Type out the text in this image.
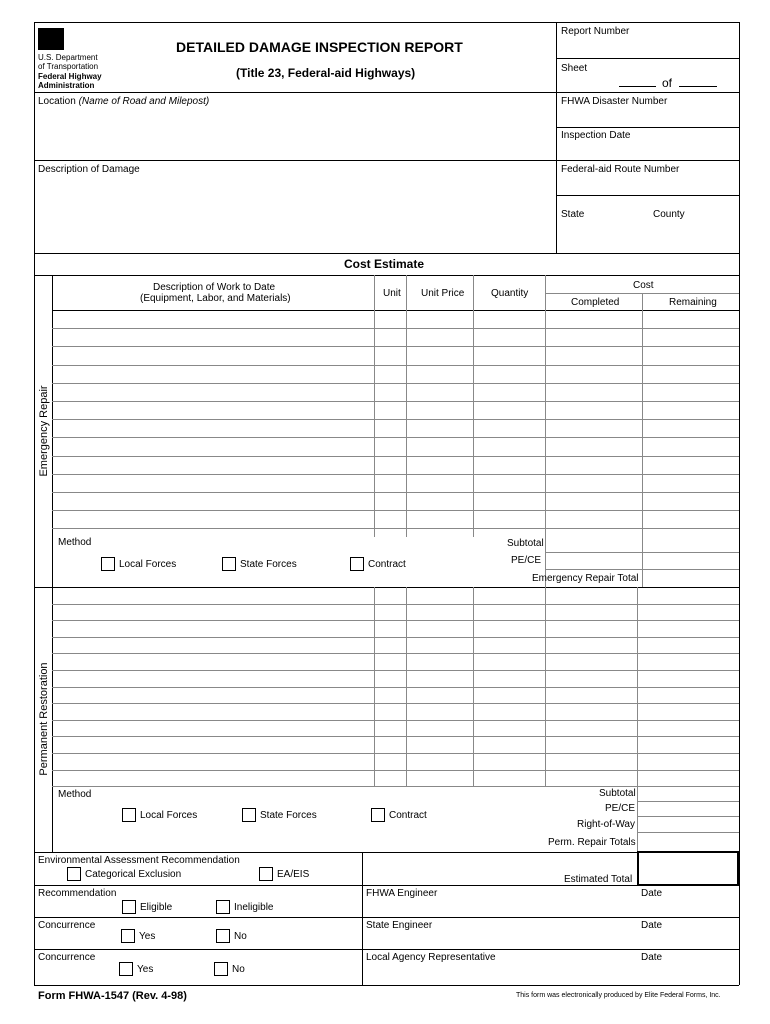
U.S. Department
of Transportation
Federal Highway
Administration
DETAILED DAMAGE INSPECTION REPORT
(Title 23, Federal-aid Highways)
Report Number
Sheet
of
FHWA Disaster Number
Inspection Date
Federal-aid Route Number
State	County
Location (Name of Road and Milepost)
Description of Damage
Cost Estimate
Description of Work to Date
(Equipment, Labor, and Materials)	Unit Unit Price	Quantity
Cost
Completed	Remaining
Emergency Repair
Method
Local Forces	State Forces	Contract
Subtotal
PE/CE
Emergency Repair Total
Permanent Restoration
Method
Local Forces	State Forces	Contract
Subtotal
PE/CE
Right-of-Way
Perm. Repair Totals
Environmental Assessment Recommendation
Categorical Exclusion	EA/EIS	Estimated Total
Recommendation
Eligible	Ineligible
FHWA Engineer	Date
Concurrence
Yes	No
State Engineer	Date
Concurrence
Yes	No
Local Agency Representative	Date
Form FHWA-1547 (Rev. 4-98)	This form was electronically produced by Elite Federal Forms, Inc.
